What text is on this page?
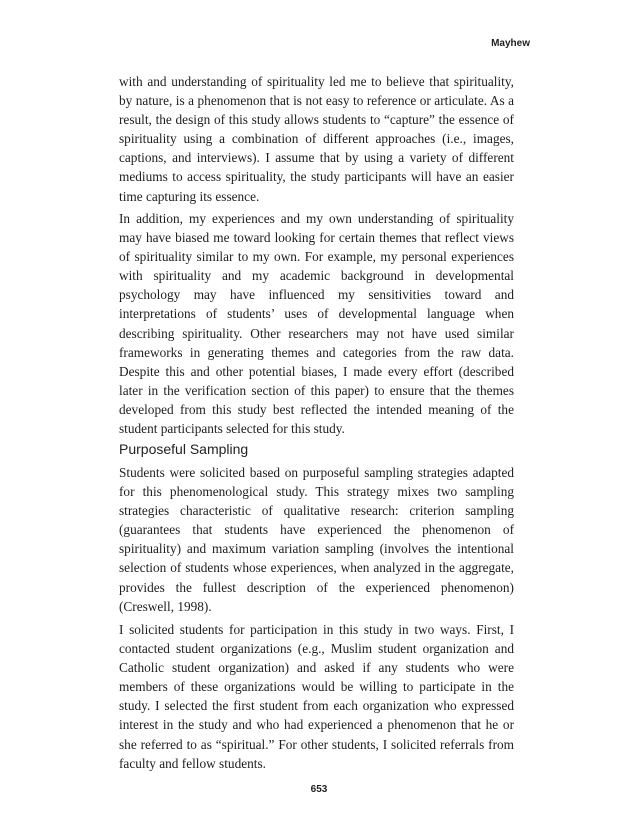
Mayhew
with and understanding of spirituality led me to believe that spirituality, by nature, is a phenomenon that is not easy to reference or articulate. As a result, the design of this study allows students to “capture” the essence of spirituality using a combination of different approaches (i.e., images, captions, and interviews). I assume that by using a variety of different mediums to access spirituality, the study participants will have an easier time capturing its essence.
In addition, my experiences and my own understanding of spirituality may have biased me toward looking for certain themes that reflect views of spirituality similar to my own. For example, my personal experiences with spirituality and my academic background in developmental psychology may have influenced my sensitivities toward and interpretations of students’ uses of developmental language when describing spirituality. Other researchers may not have used similar frameworks in generating themes and categories from the raw data. Despite this and other potential biases, I made every effort (described later in the verification section of this paper) to ensure that the themes developed from this study best reflected the intended meaning of the student participants selected for this study.
Purposeful Sampling
Students were solicited based on purposeful sampling strategies adapted for this phenomenological study. This strategy mixes two sampling strategies characteristic of qualitative research: criterion sampling (guarantees that students have experienced the phenomenon of spirituality) and maximum variation sampling (involves the intentional selection of students whose experiences, when analyzed in the aggregate, provides the fullest description of the experienced phenomenon) (Creswell, 1998).
I solicited students for participation in this study in two ways. First, I contacted student organizations (e.g., Muslim student organization and Catholic student organization) and asked if any students who were members of these organizations would be willing to participate in the study. I selected the first student from each organization who expressed interest in the study and who had experienced a phenomenon that he or she referred to as “spiritual.” For other students, I solicited referrals from faculty and fellow students.
653
